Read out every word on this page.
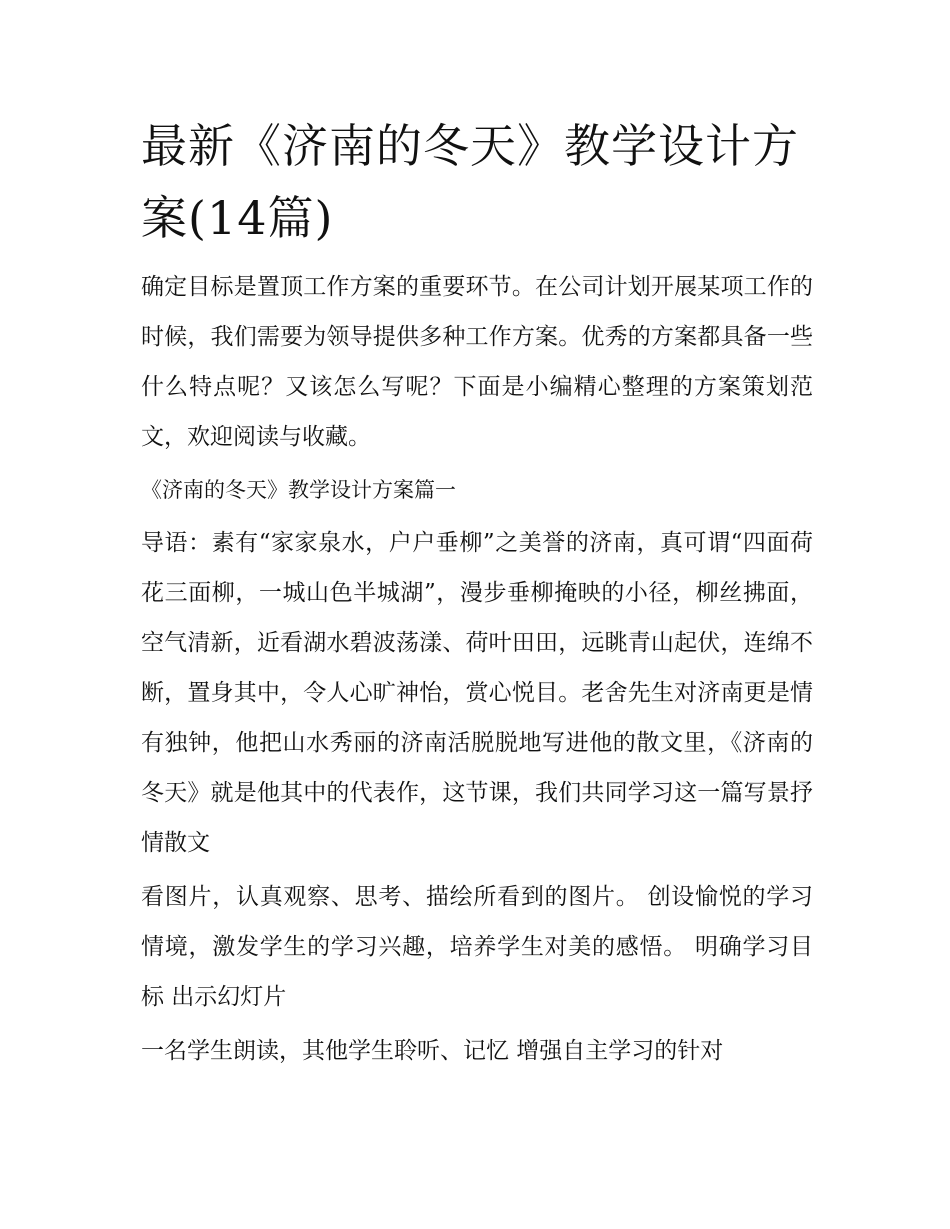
最新《济南的冬天》教学设计方案(14篇)

确定目标是置顶工作方案的重要环节。在公司计划开展某项工作的时候，我们需要为领导提供多种工作方案。优秀的方案都具备一些什么特点呢？又该怎么写呢？下面是小编精心整理的方案策划范文，欢迎阅读与收藏。

《济南的冬天》教学设计方案篇一

导语：素有“家家泉水，户户垂柳”之美誉的济南，真可谓“四面荷花三面柳，一城山色半城湖”，漫步垂柳掩映的小径，柳丝拂面，空气清新，近看湖水碧波荡漾、荷叶田田，远眺青山起伏，连绵不断，置身其中，令人心旷神怡，赏心悦目。老舍先生对济南更是情有独钟，他把山水秀丽的济南活脱脱地写进他的散文里，《济南的冬天》就是他其中的代表作，这节课，我们共同学习这一篇写景抒情散文

看图片，认真观察、思考、描绘所看到的图片。 创设愉悦的学习情境，激发学生的学习兴趣，培养学生对美的感悟。 明确学习目标 出示幻灯片

一名学生朗读，其他学生聆听、记忆 增强自主学习的针对
